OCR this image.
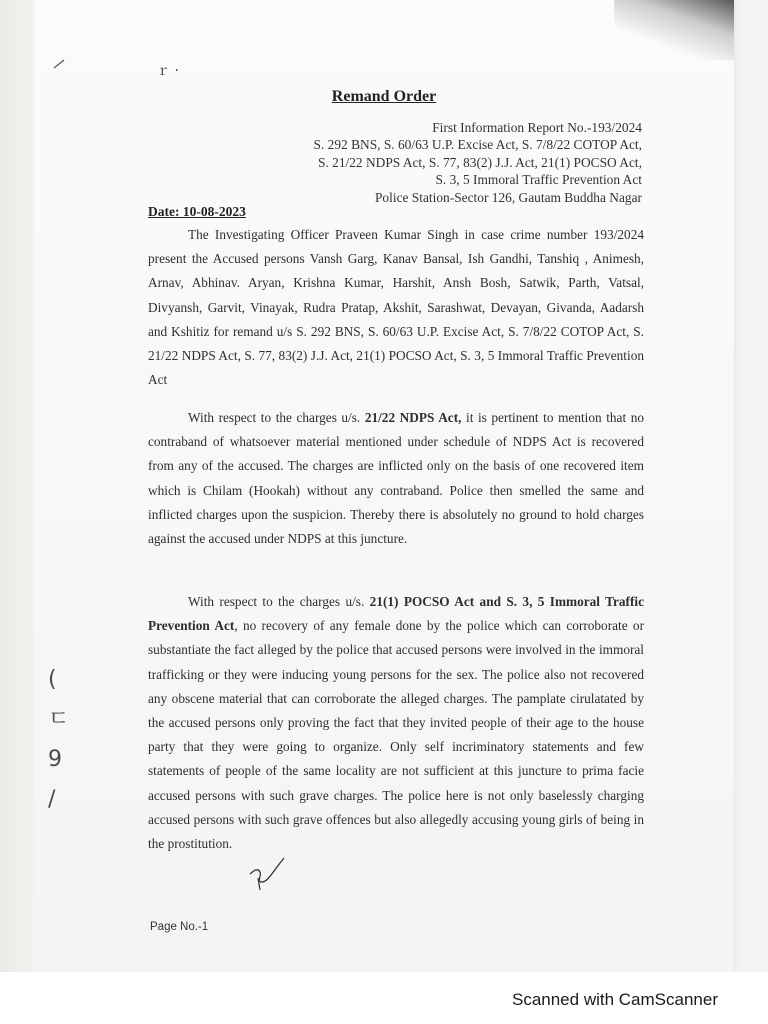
ｒ ·
Remand Order
First Information Report No.-193/2024
S. 292 BNS, S. 60/63 U.P. Excise Act, S. 7/8/22 COTOP Act,
S. 21/22 NDPS Act, S. 77, 83(2) J.J. Act, 21(1) POCSO Act,
S. 3, 5 Immoral Traffic Prevention Act
Police Station-Sector 126, Gautam Buddha Nagar
Date: 10-08-2023

The Investigating Officer Praveen Kumar Singh in case crime number 193/2024 present the Accused persons Vansh Garg, Kanav Bansal, Ish Gandhi, Tanshiq , Animesh, Arnav, Abhinav. Aryan, Krishna Kumar, Harshit, Ansh Bosh, Satwik, Parth, Vatsal, Divyansh, Garvit, Vinayak, Rudra Pratap, Akshit, Sarashwat, Devayan, Givanda, Aadarsh and Kshitiz for remand u/s S. 292 BNS, S. 60/63 U.P. Excise Act, S. 7/8/22 COTOP Act, S. 21/22 NDPS Act, S. 77, 83(2) J.J. Act, 21(1) POCSO Act, S. 3, 5 Immoral Traffic Prevention Act

With respect to the charges u/s. 21/22 NDPS Act, it is pertinent to mention that no contraband of whatsoever material mentioned under schedule of NDPS Act is recovered from any of the accused. The charges are inflicted only on the basis of one recovered item which is Chilam (Hookah) without any contraband. Police then smelled the same and inflicted charges upon the suspicion. Thereby there is absolutely no ground to hold charges against the accused under NDPS at this juncture.

With respect to the charges u/s. 21(1) POCSO Act and S. 3, 5 Immoral Traffic Prevention Act, no recovery of any female done by the police which can corroborate or substantiate the fact alleged by the police that accused persons were involved in the immoral trafficking or they were inducing young persons for the sex. The police also not recovered any obscene material that can corroborate the alleged charges. The pamplate cirulatated by the accused persons only proving the fact that they invited people of their age to the house party that they were going to organize. Only self incriminatory statements and few statements of people of the same locality are not sufficient at this juncture to prima facie accused persons with such grave charges. The police here is not only baselessly charging accused persons with such grave offences but also allegedly accusing young girls of being in the prostitution.

(
ㄷ
9
/
Page No.-1
Scanned with CamScanner
